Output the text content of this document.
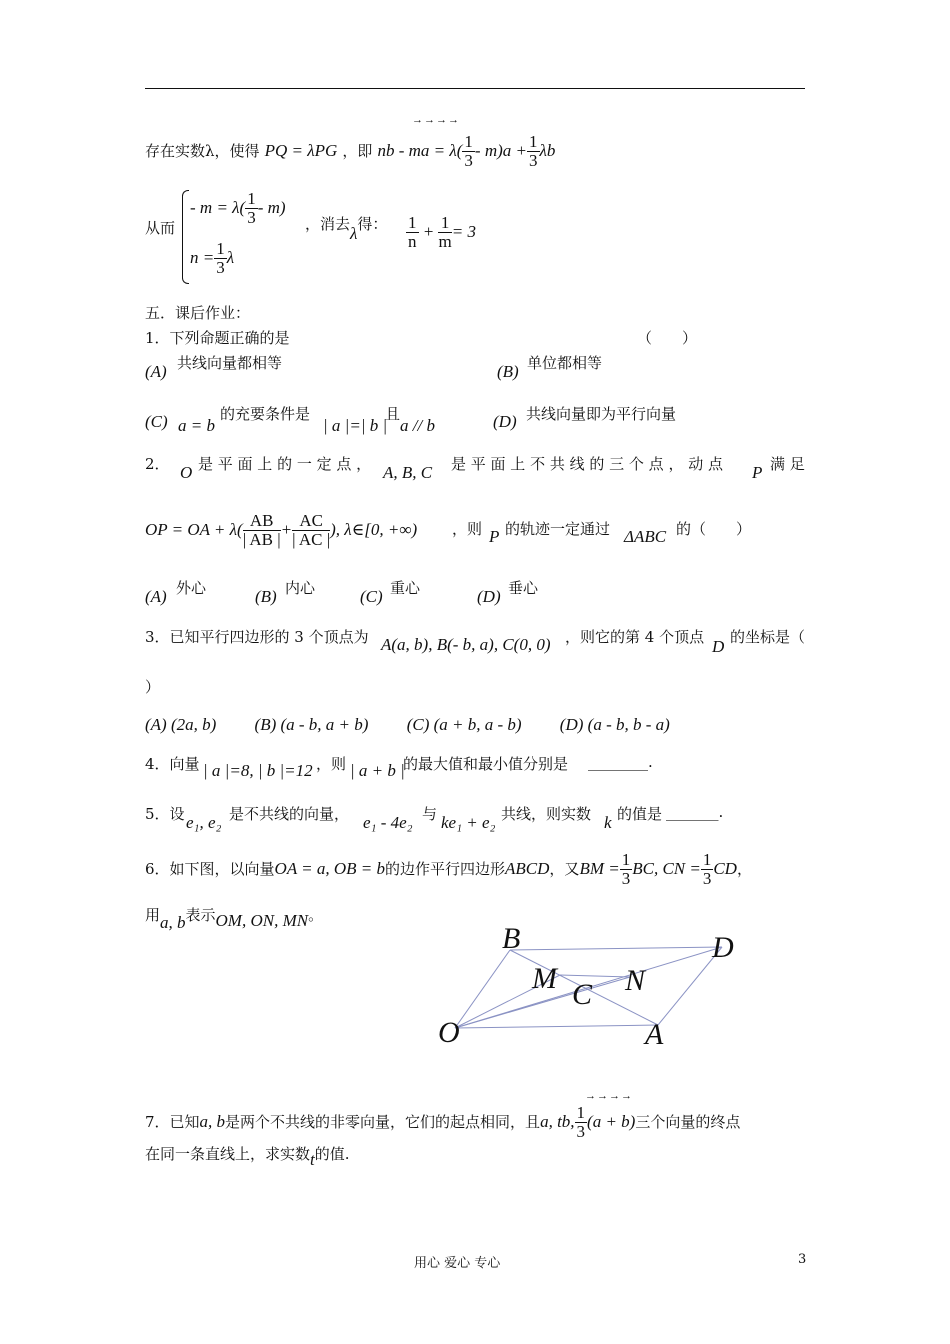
→→→→
存在实数λ，使得 PQ = λPG ，即 nb - ma = $\lambda( \frac{1}{3} - m)a + \frac{1}{3}$ λb
从而
- $m = \lambda( \frac{1}{3} - m)$
$n = \frac{1}{3}$ λ
，消去λ得： $\frac{1}{n} + \frac{1}{m} = 3$
五．课后作业：
1．下列命题正确的是	（　　）
(A) 共线向量都相等	(B) 单位都相等
(C) a = b
的充要条件是
| a |=| b |
且
a // b	(D) 共线向量即为平行向量
2． O 是 平 面 上 的 一 定 点 ， A, B, C 是 平 面 上 不 共 线 的 三 个 点 ， 动 点 P 满 足
OP = OA + $\lambda( \frac{AB}{| AB |} + \frac{AC}{| AC |}$ ), λ∈[0, +∞) ，则 P 的轨迹一定通过 ΔABC 的（　　）
(A) 外心	(B) 内心	(C) 重心	(D) 垂心
3．已知平行四边形的 3 个顶点为 A(a, b), B(- b, a), C(0, 0) ，则它的第 4 个顶点 D 的坐标是（
）
(A) (2a, b)　　 (B) (a - b, a + b)　　 (C) (a + b, a - b)　　 (D) (a - b, b - a)
4．向量 | a |=8, | b |=12 ，则 | a + b |
的最大值和最小值分别是 ________.
5．设 e₁, e₂ 是不共线的向量， e₁ - 4e₂ 与 ke₁ + e₂ 共线，则实数 k 的值是 _______.
6．如下图，以向量OA = a, OB = b的边作平行四边形ABCD，又BM = $\frac{1}{3}$ BC, CN = $\frac{1}{3}$ CD，
用a, b表示OM, ON, MN。
B	D
M C N
O	A
→→→→
7．已知a, b是两个不共线的非零向量，它们的起点相同，且a, tb, $\frac{1}{3} (a + b)$三个向量的终点
在同一条直线上，求实数t的值.
用心 爱心 专心	3
